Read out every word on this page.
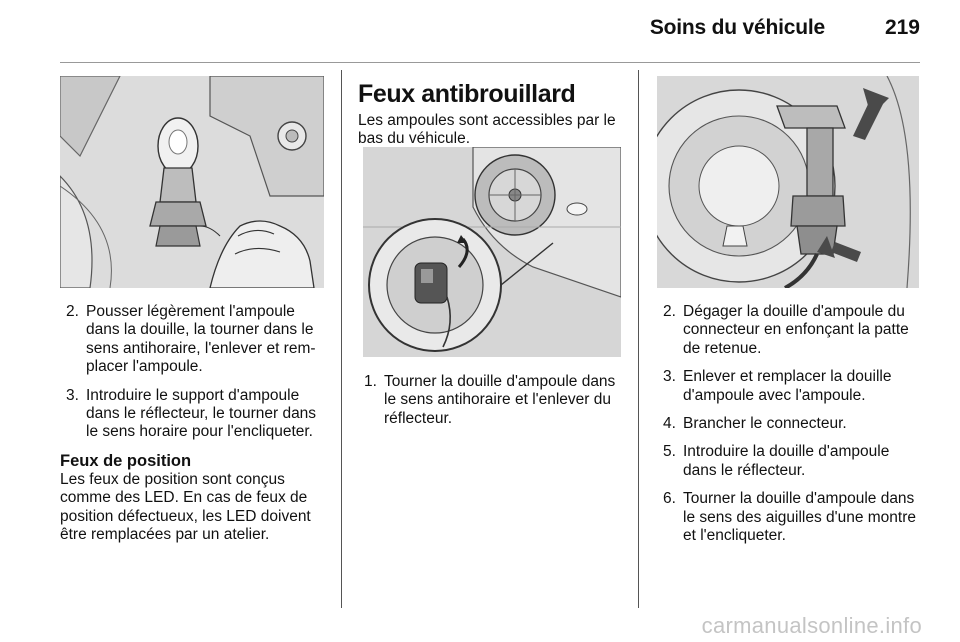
Soins du véhicule	219
2. Pousser légèrement l'ampoule dans la douille, la tourner dans le sens antihoraire, l'enlever et rem-placer l'ampoule.
3. Introduire le support d'ampoule dans le réflecteur, le tourner dans le sens horaire pour l'encliqueter.
Feux de position

Les feux de position sont conçus comme des LED. En cas de feux de position défectueux, les LED doivent être remplacées par un atelier.

Feux antibrouillard

Les ampoules sont accessibles par le bas du véhicule.

1. Tourner la douille d'ampoule dans le sens antihoraire et l'enlever du réflecteur.
2. Dégager la douille d'ampoule du connecteur en enfonçant la patte de retenue.
3. Enlever et remplacer la douille d'ampoule avec l'ampoule.
4. Brancher le connecteur.
5. Introduire la douille d'ampoule dans le réflecteur.
6. Tourner la douille d'ampoule dans le sens des aiguilles d'une montre et l'encliqueter.
carmanualsonline.info
